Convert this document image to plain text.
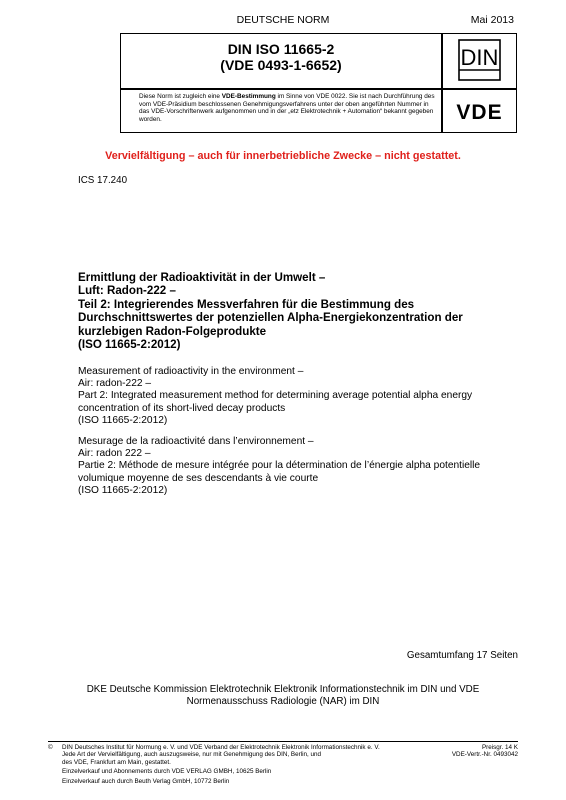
DEUTSCHE NORM	Mai 2013
DIN ISO 11665-2
(VDE 0493-1-6652)	DIN
Diese Norm ist zugleich eine VDE-Bestimmung im Sinne von VDE 0022. Sie ist nach Durchführung des vom VDE-Präsidium beschlossenen Genehmigungsverfahrens unter der oben angeführten Nummer in das VDE-Vorschriftenwerk aufgenommen und in der „etz Elektrotechnik + Automation“ bekannt gegeben worden.	VDE
Vervielfältigung – auch für innerbetriebliche Zwecke – nicht gestattet.
ICS 17.240
Ermittlung der Radioaktivität in der Umwelt –
Luft: Radon-222 –
Teil 2: Integrierendes Messverfahren für die Bestimmung des
Durchschnittswertes der potenziellen Alpha-Energiekonzentration der
kurzlebigen Radon-Folgeprodukte
(ISO 11665-2:2012)
Measurement of radioactivity in the environment –
Air: radon-222 –
Part 2: Integrated measurement method for determining average potential alpha energy
concentration of its short-lived decay products
(ISO 11665-2:2012)
Mesurage de la radioactivité dans l’environnement –
Air: radon 222 –
Partie 2: Méthode de mesure intégrée pour la détermination de l’énergie alpha potentielle
volumique moyenne de ses descendants à vie courte
(ISO 11665-2:2012)
Gesamtumfang 17 Seiten
DKE Deutsche Kommission Elektrotechnik Elektronik Informationstechnik im DIN und VDE
Normenausschuss Radiologie (NAR) im DIN
© DIN Deutsches Institut für Normung e. V. und VDE Verband der Elektrotechnik Elektronik Informationstechnik e. V.
Jede Art der Vervielfältigung, auch auszugsweise, nur mit Genehmigung des DIN, Berlin, und
des VDE, Frankfurt am Main, gestattet.
Preisgr. 14 K
VDE-Vertr.-Nr. 0493042
Einzelverkauf und Abonnements durch VDE VERLAG GMBH, 10625 Berlin
Einzelverkauf auch durch Beuth Verlag GmbH, 10772 Berlin
